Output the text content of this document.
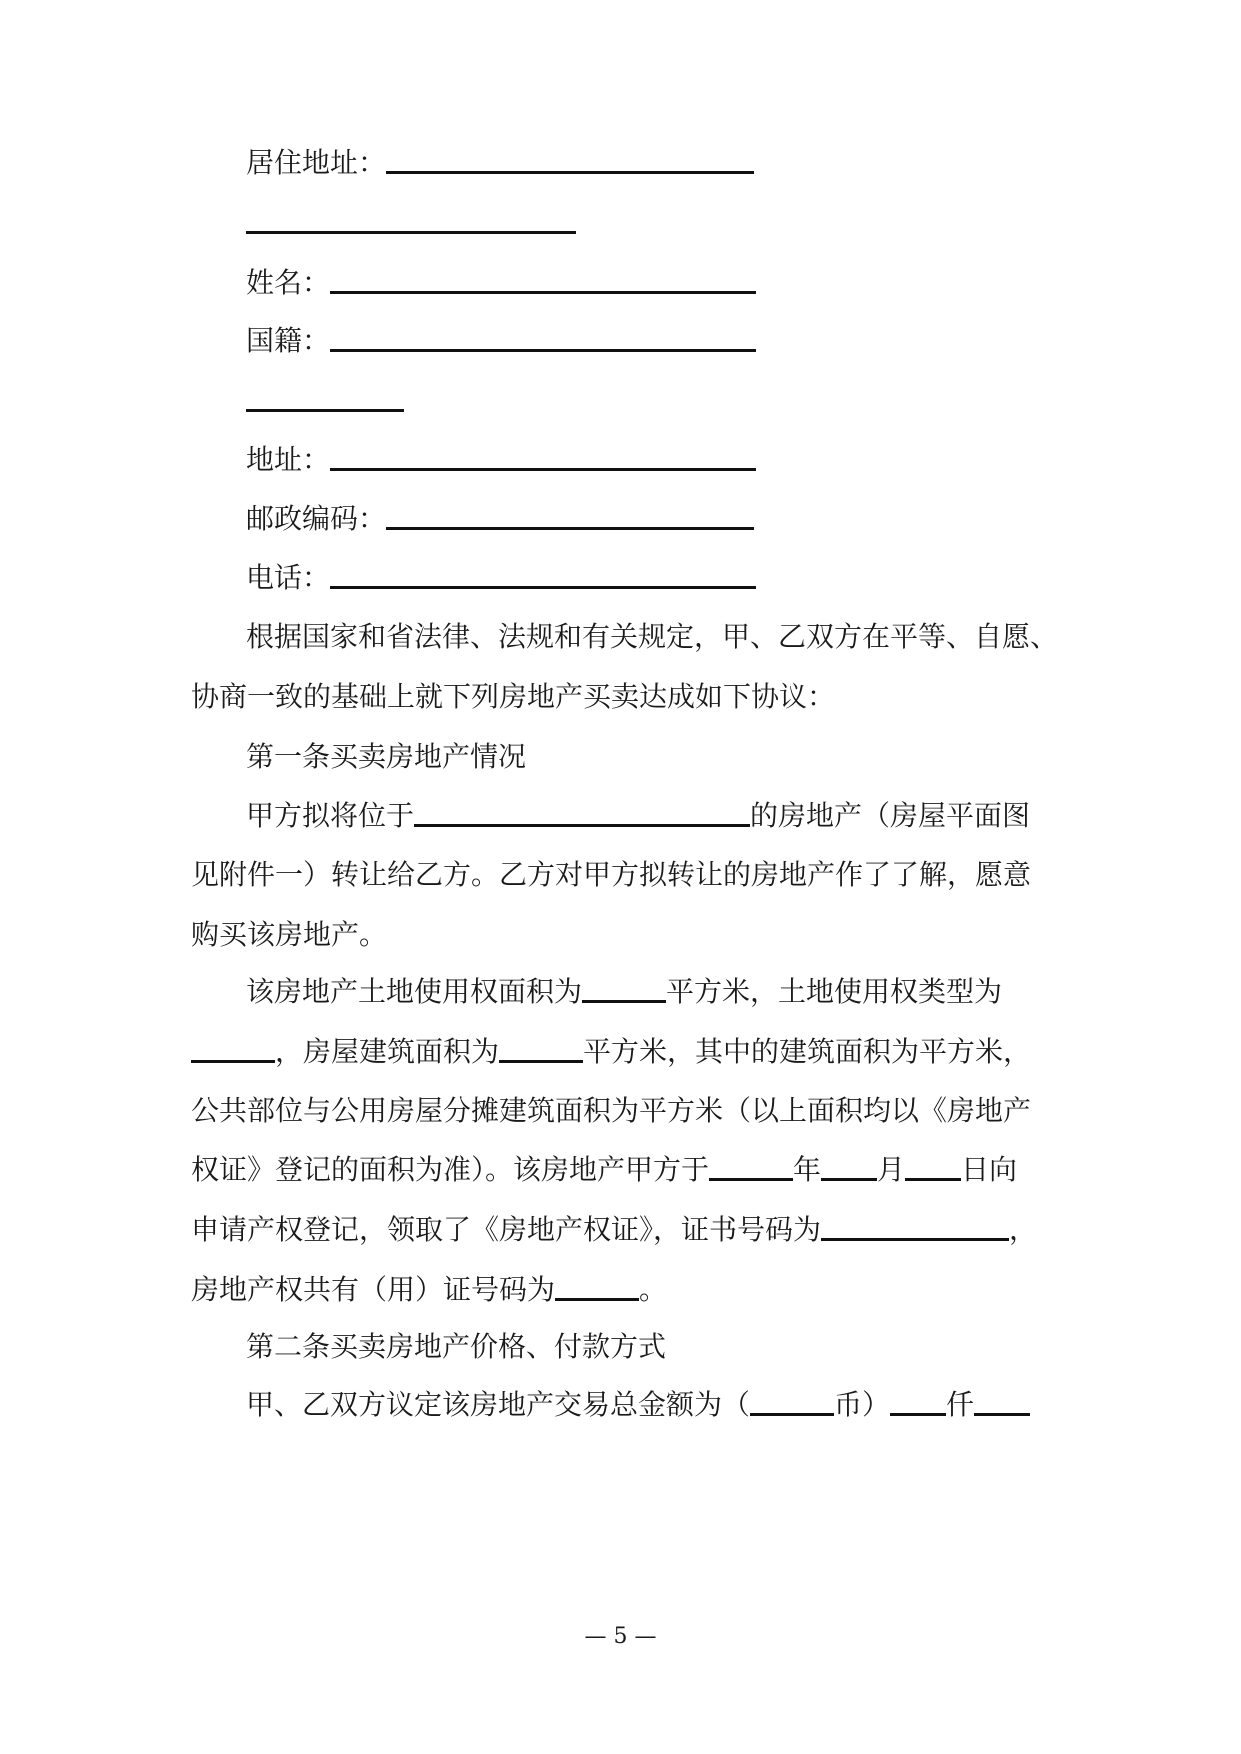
居住地址：
姓名：
国籍：
地址：
邮政编码：
电话：
根据国家和省法律、法规和有关规定，甲、乙双方在平等、自愿、
协商一致的基础上就下列房地产买卖达成如下协议：
第一条买卖房地产情况
甲方拟将位于	的房地产（房屋平面图
见附件一）转让给乙方。乙方对甲方拟转让的房地产作了了解，愿意
购买该房地产。
该房地产土地使用权面积为	平方米，土地使用权类型为
，房屋建筑面积为	平方米，其中的建筑面积为平方米，
公共部位与公用房屋分摊建筑面积为平方米（以上面积均以《房地产
权证》登记的面积为准）。该房地产甲方于	年 月 日向
申请产权登记，领取了《房地产权证》，证书号码为	，
房地产权共有（用）证号码为	。
第二条买卖房地产价格、付款方式
甲、乙双方议定该房地产交易总金额为（	币） 仟
— 5 —
